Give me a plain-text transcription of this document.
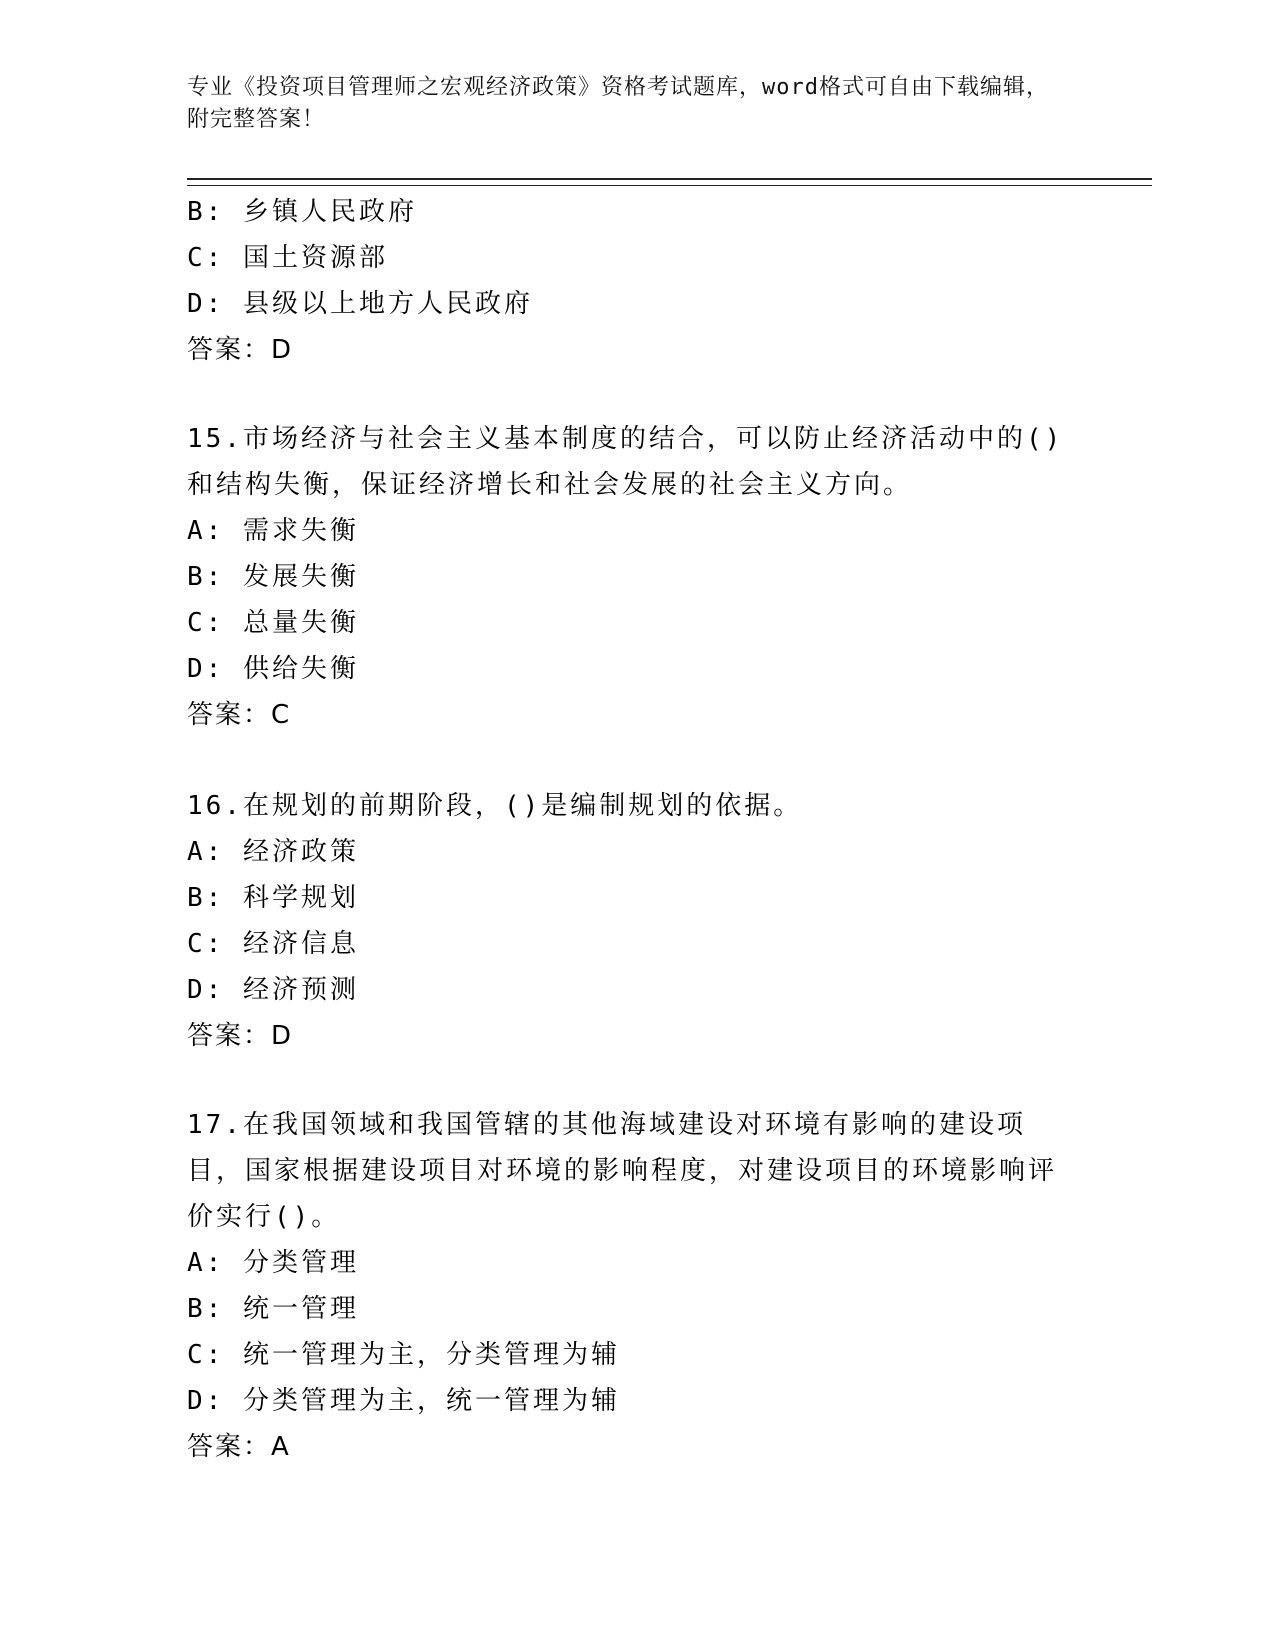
专业《投资项目管理师之宏观经济政策》资格考试题库，word格式可自由下载编辑，附完整答案！
B: 乡镇人民政府
C: 国土资源部
D: 县级以上地方人民政府
答案：D
15.市场经济与社会主义基本制度的结合，可以防止经济活动中的()和结构失衡，保证经济增长和社会发展的社会主义方向。
A: 需求失衡
B: 发展失衡
C: 总量失衡
D: 供给失衡
答案：C
16.在规划的前期阶段，()是编制规划的依据。
A: 经济政策
B: 科学规划
C: 经济信息
D: 经济预测
答案：D
17.在我国领域和我国管辖的其他海域建设对环境有影响的建设项目，国家根据建设项目对环境的影响程度，对建设项目的环境影响评价实行()。
A: 分类管理
B: 统一管理
C: 统一管理为主，分类管理为辅
D: 分类管理为主，统一管理为辅
答案：A
